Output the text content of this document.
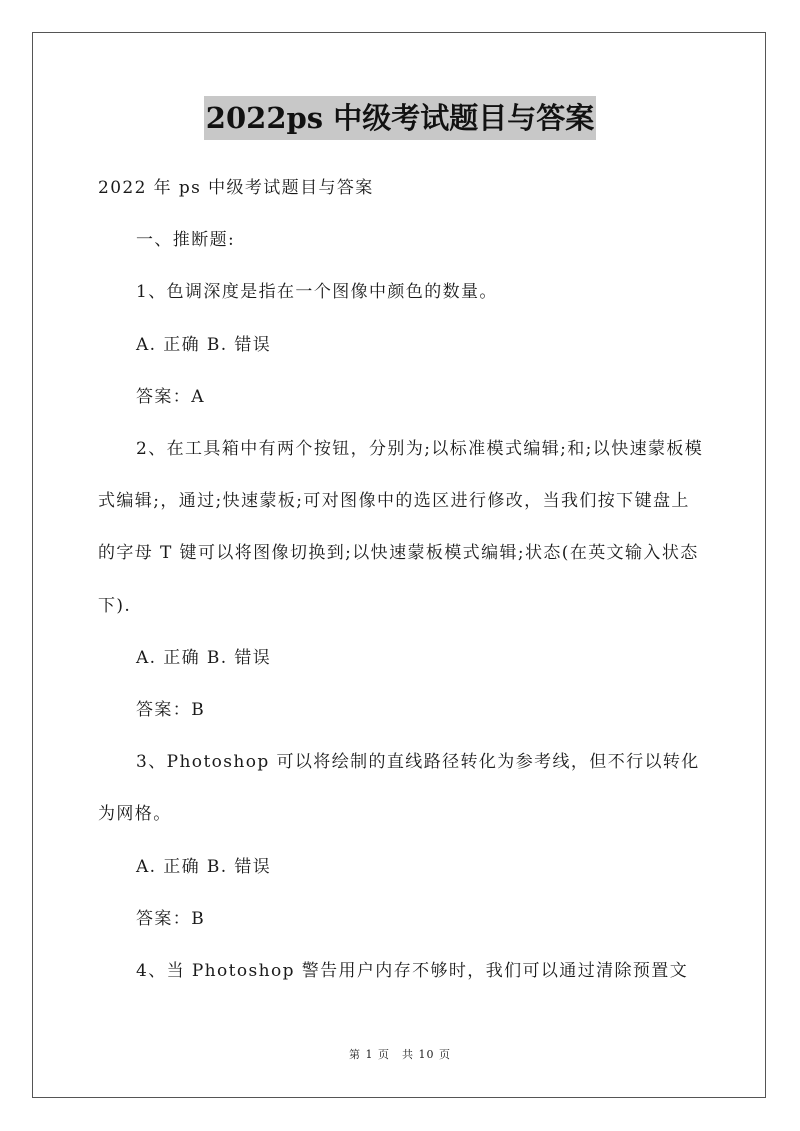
2022ps 中级考试题目与答案

2022 年 ps 中级考试题目与答案

一、推断题:

1、色调深度是指在一个图像中颜色的数量。

A. 正确 B. 错误

答案：A

2、在工具箱中有两个按钮，分别为;以标准模式编辑;和;以快速蒙板模式编辑;，通过;快速蒙板;可对图像中的选区进行修改，当我们按下键盘上的字母 T 键可以将图像切换到;以快速蒙板模式编辑;状态(在英文输入状态下).

A. 正确 B. 错误

答案：B

3、Photoshop 可以将绘制的直线路径转化为参考线，但不行以转化为网格。

A. 正确 B. 错误

答案：B

4、当 Photoshop 警告用户内存不够时，我们可以通过清除预置文

第 1 页　共 10 页
